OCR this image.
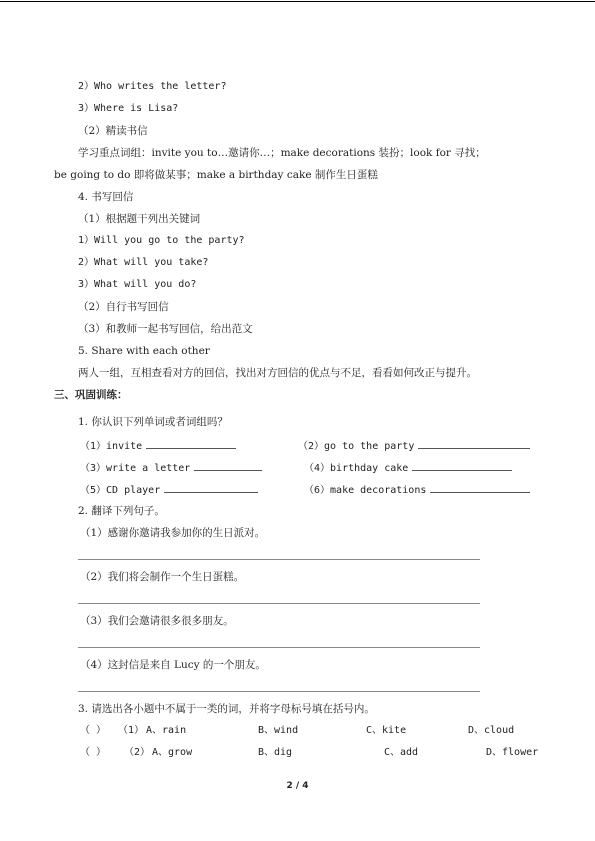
2）Who writes the letter?
3）Where is Lisa?
（2）精读书信
学习重点词组：invite you to…邀请你…；make decorations 装扮；look for 寻找；
be going to do 即将做某事；make a birthday cake 制作生日蛋糕
4. 书写回信
（1）根据题干列出关键词
1）Will you go to the party?
2）What will you take?
3）What will you do?
（2）自行书写回信
（3）和教师一起书写回信，给出范文
5. Share with each other
两人一组，互相查看对方的回信，找出对方回信的优点与不足，看看如何改正与提升。
三、巩固训练：
1. 你认识下列单词或者词组吗？
（1）invite	（2）go to the party
（3）write a letter	（4）birthday cake
（5）CD player	（6）make decorations
2. 翻译下列句子。
（1）感谢你邀请我参加你的生日派对。
（2）我们将会制作一个生日蛋糕。
（3）我们会邀请很多很多朋友。
（4）这封信是来自 Lucy 的一个朋友。
3. 请选出各小题中不属于一类的词，并将字母标号填在括号内。
（ ） （1） A、rain	B、wind	C、kite	D、cloud
（ ） （2） A、grow	B、dig	C、add	D、flower
2 / 4
